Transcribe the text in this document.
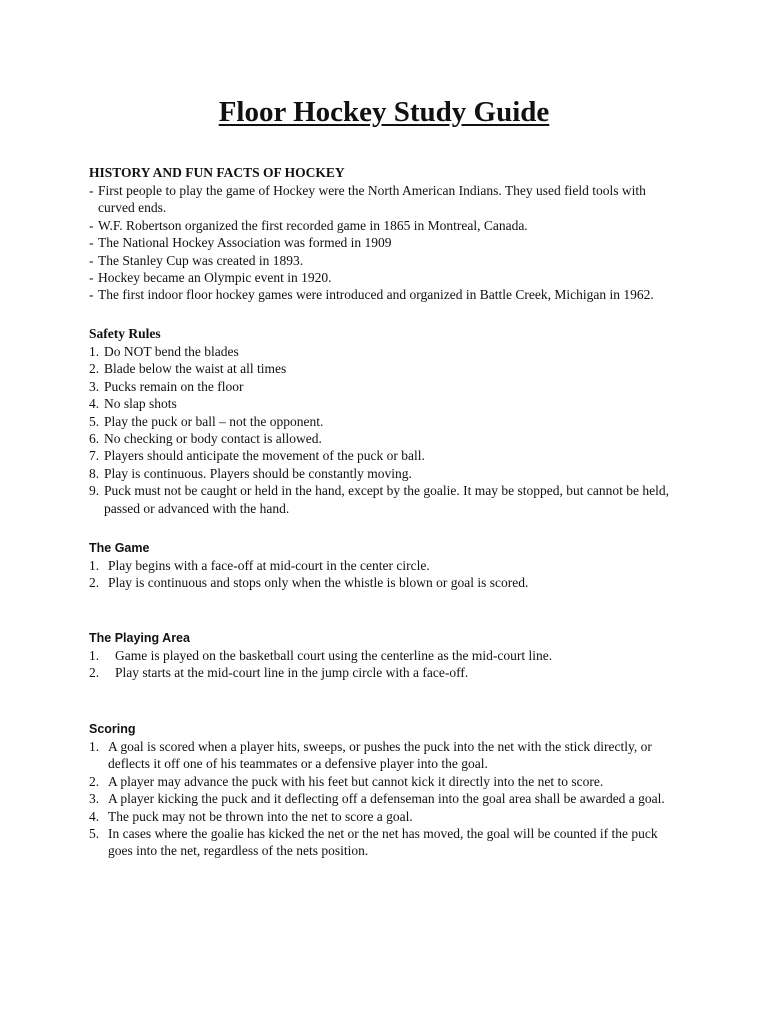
Floor Hockey Study Guide
HISTORY AND FUN FACTS OF HOCKEY
- First people to play the game of Hockey were the North American Indians. They used field tools with curved ends.
- W.F. Robertson organized the first recorded game in 1865 in Montreal, Canada.
- The National Hockey Association was formed in 1909
- The Stanley Cup was created in 1893.
- Hockey became an Olympic event in 1920.
- The first indoor floor hockey games were introduced and organized in Battle Creek, Michigan in 1962.
Safety Rules
1. Do NOT bend the blades
2. Blade below the waist at all times
3. Pucks remain on the floor
4. No slap shots
5. Play the puck or ball – not the opponent.
6. No checking or body contact is allowed.
7. Players should anticipate the movement of the puck or ball.
8. Play is continuous. Players should be constantly moving.
9. Puck must not be caught or held in the hand, except by the goalie. It may be stopped, but cannot be held, passed or advanced with the hand.
The Game
1. Play begins with a face-off at mid-court in the center circle.
2. Play is continuous and stops only when the whistle is blown or goal is scored.
The Playing Area
1.	Game is played on the basketball court using the centerline as the mid-court line.
2.	Play starts at the mid-court line in the jump circle with a face-off.
Scoring
1. A goal is scored when a player hits, sweeps, or pushes the puck into the net with the stick directly, or deflects it off one of his teammates or a defensive player into the goal.
2. A player may advance the puck with his feet but cannot kick it directly into the net to score.
3. A player kicking the puck and it deflecting off a defenseman into the goal area shall be awarded a goal.
4. The puck may not be thrown into the net to score a goal.
5. In cases where the goalie has kicked the net or the net has moved, the goal will be counted if the puck goes into the net, regardless of the nets position.
